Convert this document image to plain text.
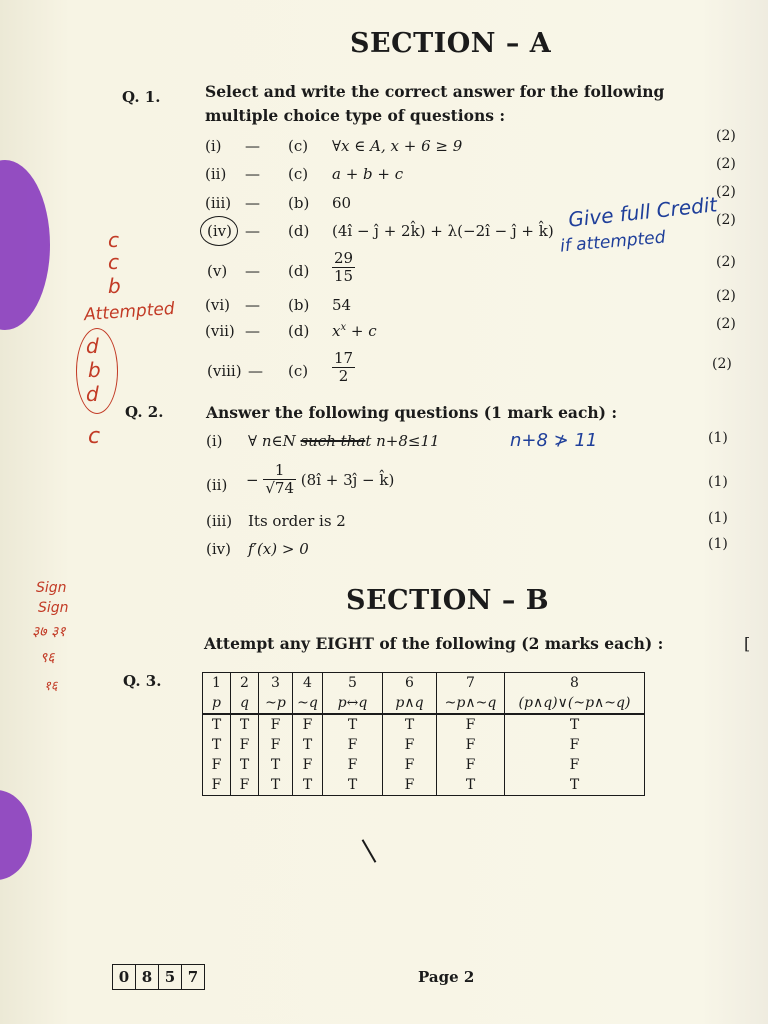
SECTION – A
Q. 1.	Select and write the correct answer for the following
multiple choice type of questions :
(i) — (c) ∀x ∈ A, x + 6 ≥ 9
(2)
(ii) — (c) a + b + c
(2)
(iii) — (b) 60
(2)
(iv) — (d) (4î − ĵ + 2k̂) + λ(−2î − ĵ + k̂)
(2)
(v) — $(d) \frac{29}{15}$	(2)
(vi) — (b) 54	(2)
(vii) — (d) $x^x + c$	(2)
(viii) — $(c) \frac{17}{2}$	(2)
Give full Credit
if attempted
Q. 2.	Answer the following questions (1 mark each) :
(i) ∀ n∈N such that n+8≤11	(1)
$(ii) - \frac{1}{√74}$ (8î + 3ĵ − k̂)	(1)
(iii) Its order is 2	(1)
(iv) f′(x) > 0	(1)
n+8 ≯ 11
c
c
b
Attempted
d
b
d
c
Sign
Sign
३७ ३१
९६
१६
SECTION – B
Attempt any EIGHT of the following (2 marks each) :	[
Q. 3.	1	2	3	4	5	6	7	8
p	q	~p	~q	p↔q	p∧q	~p∧~q	(p∧q)∨(~p∧~q)
T	T	F	F	T	T	F	T
T	F	F	T	F	F	F	F
F	T	T	F	F	F	F	F
F	F	T	T	T	F	T	T
0 8 5 7	Page 2
